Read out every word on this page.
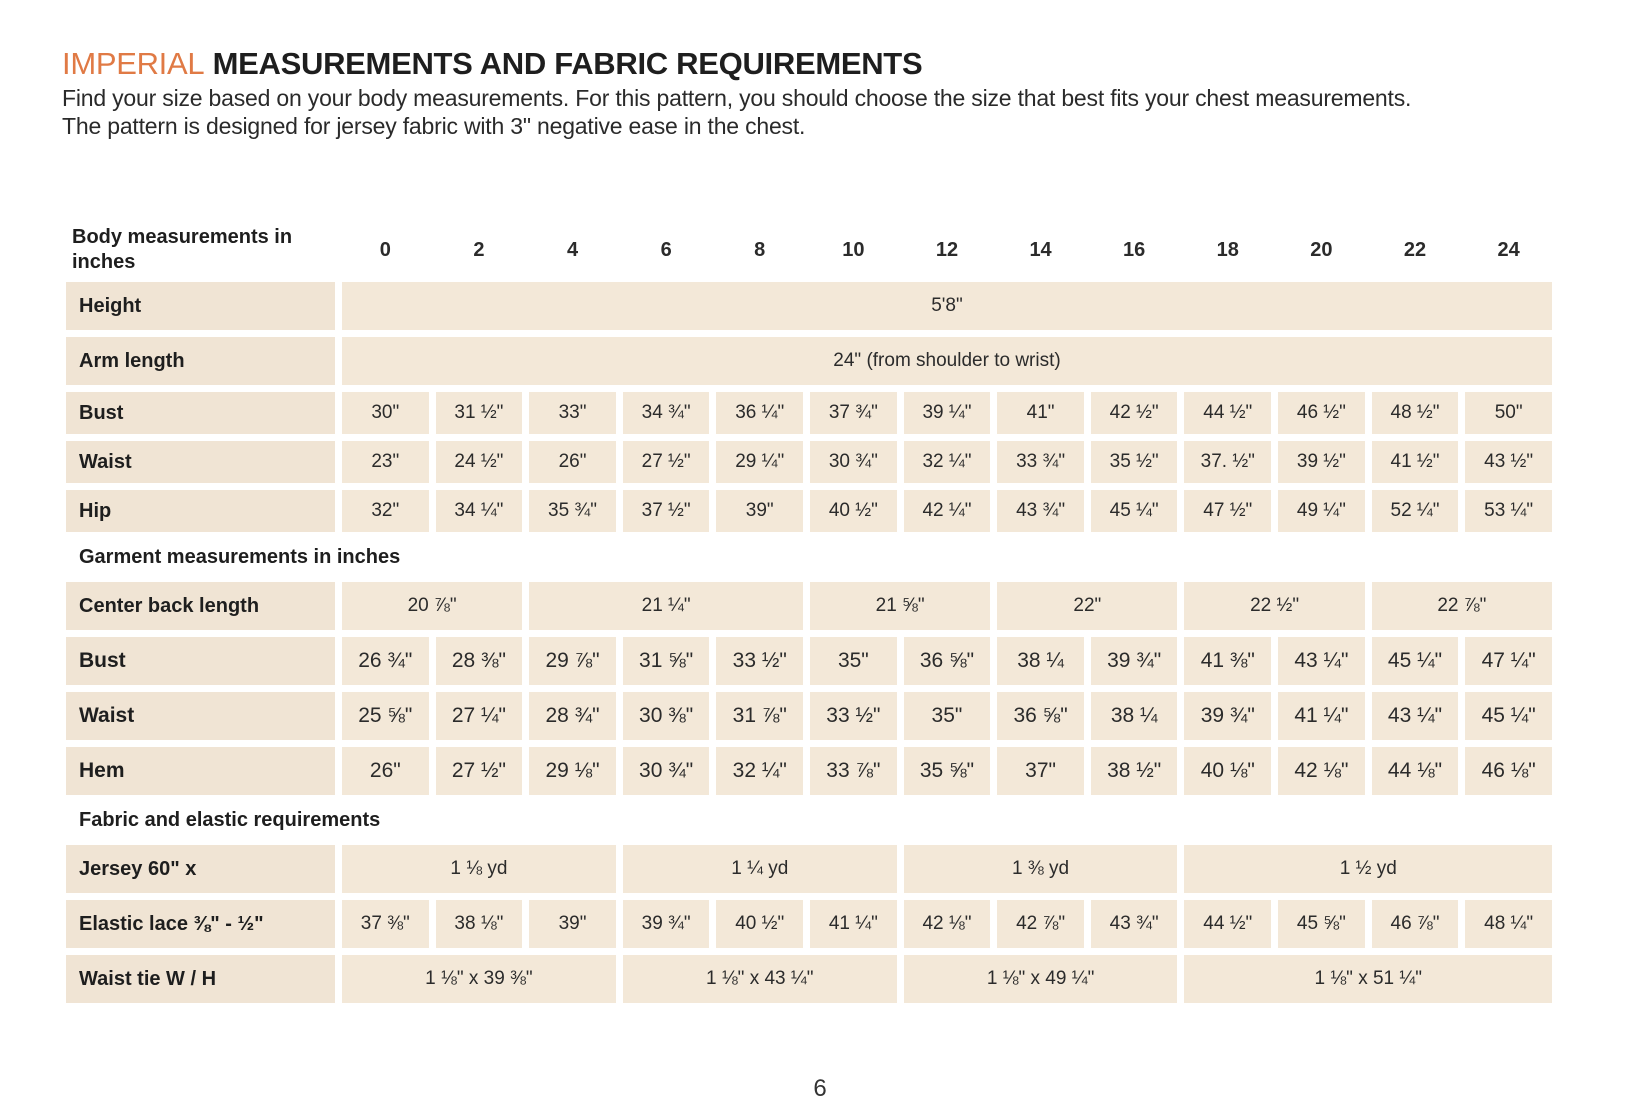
IMPERIAL MEASUREMENTS AND FABRIC REQUIREMENTS

Find your size based on your body measurements. For this pattern, you should choose the size that best fits your chest measurements.
The pattern is designed for jersey fabric with 3" negative ease in the chest.

Body measurements in inches	0	2	4	6	8	10	12	14	16	18	20	22	24
Height	5'8"												
Arm length	24" (from shoulder to wrist)												
Bust	30"	31 ½"	33"	34 ¾"	36 ¼"	37 ¾"	39 ¼"	41"	42 ½"	44 ½"	46 ½"	48 ½"	50"
Waist	23"	24 ½"	26"	27 ½"	29 ¼"	30 ¾"	32 ¼"	33 ¾"	35 ½"	37. ½"	39 ½"	41 ½"	43 ½"
Hip	32"	34 ¼"	35 ¾"	37 ½"	39"	40 ½"	42 ¼"	43 ¾"	45 ¼"	47 ½"	49 ¼"	52 ¼"	53 ¼"
Garment measurements in inches													
Center back length	20 ⅞"		21 ¼"			21 ⅝"		22"		22 ½"		22 ⅞"	
Bust	26 ¾"	28 ⅜"	29 ⅞"	31 ⅝"	33 ½"	35"	36 ⅝"	38 ¼	39 ¾"	41 ⅜"	43 ¼"	45 ¼"	47 ¼"
Waist	25 ⅝"	27 ¼"	28 ¾"	30 ⅜"	31 ⅞"	33 ½"	35"	36 ⅝"	38 ¼	39 ¾"	41 ¼"	43 ¼"	45 ¼"
Hem	26"	27 ½"	29 ⅛"	30 ¾"	32 ¼"	33 ⅞"	35 ⅝"	37"	38 ½"	40 ⅛"	42 ⅛"	44 ⅛"	46 ⅛"
Fabric and elastic requirements													
Jersey 60" x	1 ⅛ yd			1 ¼ yd			1 ⅜ yd			1 ½ yd			
Elastic lace ⅜" - ½"	37 ⅜"	38 ⅛"	39"	39 ¾"	40 ½"	41 ¼"	42 ⅛"	42 ⅞"	43 ¾"	44 ½"	45 ⅝"	46 ⅞"	48 ¼"
Waist tie W / H	1 ⅛" x 39 ⅜"			1 ⅛" x 43 ¼"			1 ⅛" x 49 ¼"			1 ⅛" x 51 ¼"			
6
